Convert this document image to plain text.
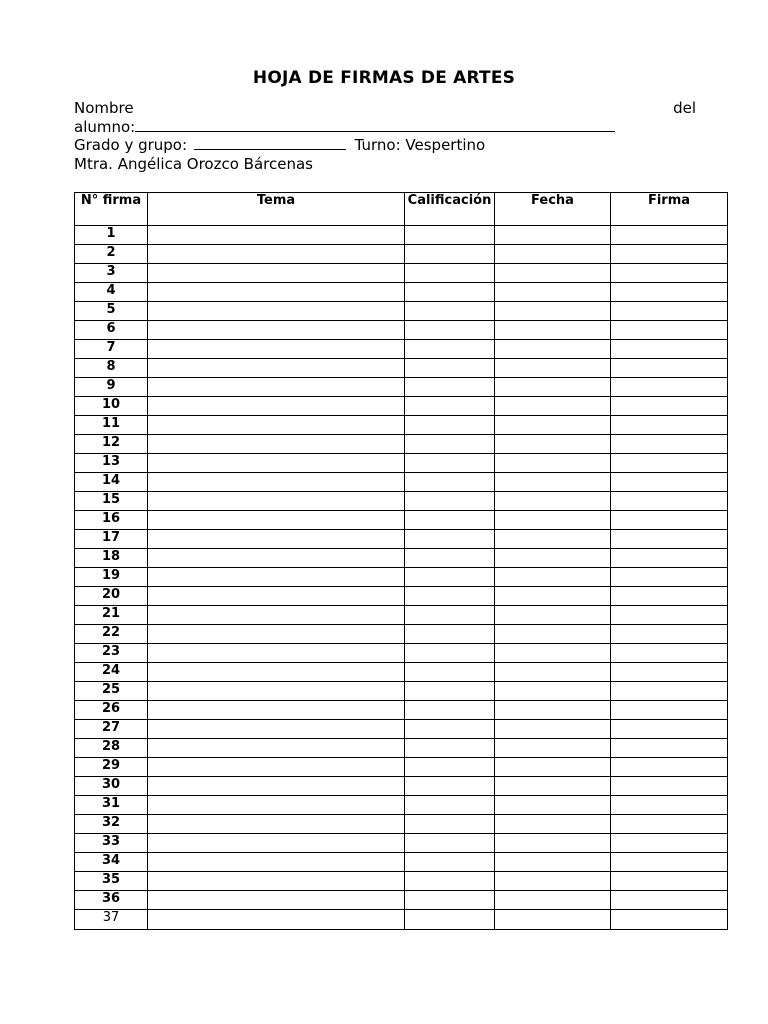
HOJA DE FIRMAS DE ARTES
Nombre	del
alumno:
Grado y grupo:	Turno: Vespertino
Mtra. Angélica Orozco Bárcenas
N° firma	Tema	Calificación	Fecha	Firma
1				
2				
3				
4				
5				
6				
7				
8				
9				
10				
11				
12				
13				
14				
15				
16				
17				
18				
19				
20				
21				
22				
23				
24				
25				
26				
27				
28				
29				
30				
31				
32				
33				
34				
35				
36				
37				
